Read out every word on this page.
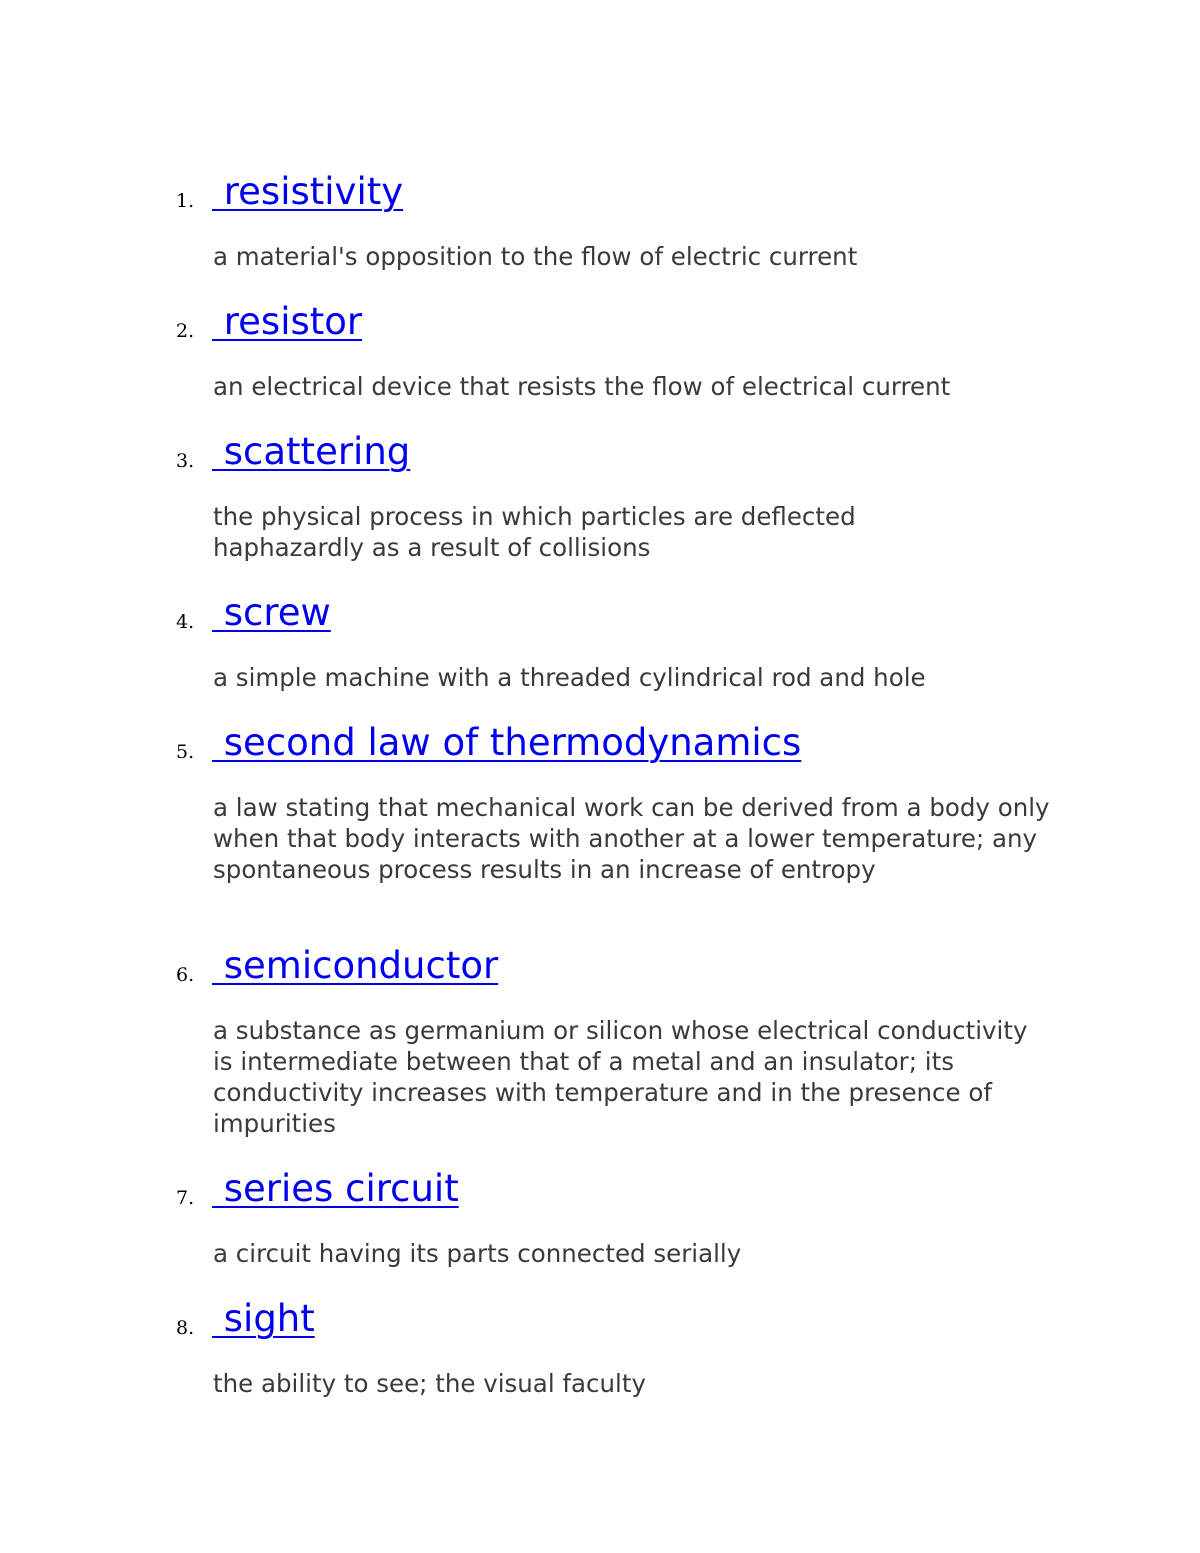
1. resistivity
a material's opposition to the flow of electric current
2. resistor
an electrical device that resists the flow of electrical current
3. scattering
the physical process in which particles are deflected haphazardly as a result of collisions
4. screw
a simple machine with a threaded cylindrical rod and hole
5. second law of thermodynamics
a law stating that mechanical work can be derived from a body only when that body interacts with another at a lower temperature; any spontaneous process results in an increase of entropy
6. semiconductor
a substance as germanium or silicon whose electrical conductivity is intermediate between that of a metal and an insulator; its conductivity increases with temperature and in the presence of impurities
7. series circuit
a circuit having its parts connected serially
8. sight
the ability to see; the visual faculty
